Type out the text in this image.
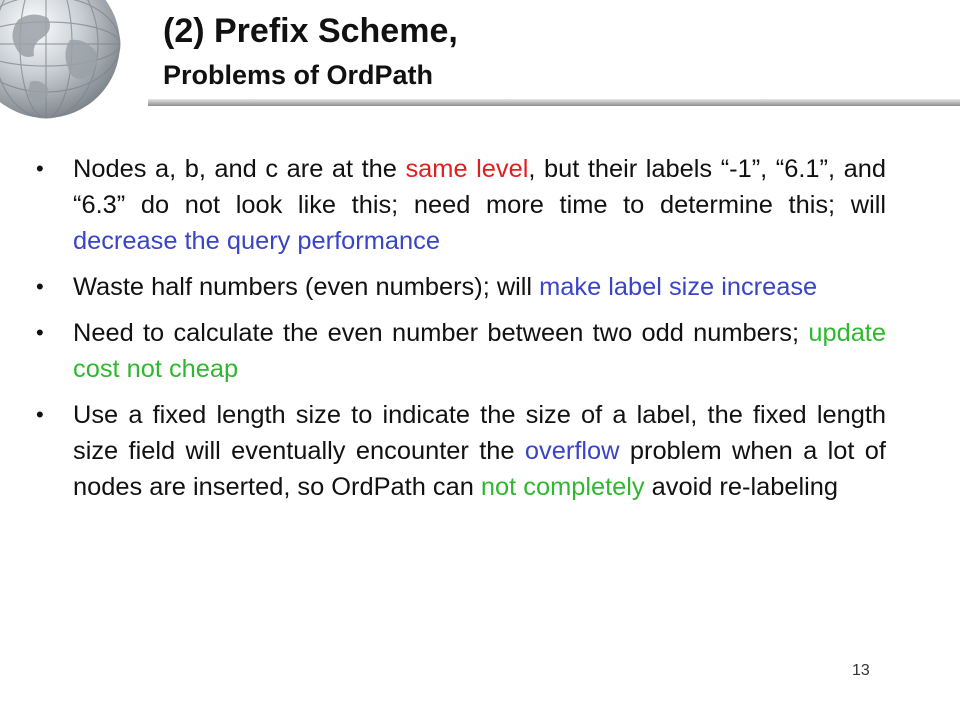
(2) Prefix Scheme,
Problems of OrdPath
• Nodes a, b, and c are at the same level, but their labels “-1”, “6.1”, and “6.3” do not look like this; need more time to determine this; will decrease the query performance
• Waste half numbers (even numbers); will make label size increase
• Need to calculate the even number between two odd numbers; update cost not cheap
• Use a fixed length size to indicate the size of a label, the fixed length size field will eventually encounter the overflow problem when a lot of nodes are inserted, so OrdPath can not completely avoid re-labeling
13
